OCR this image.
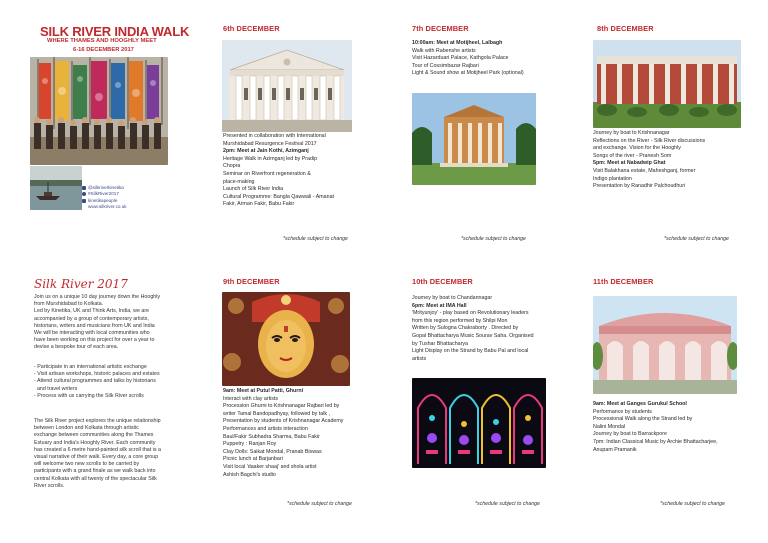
SILK RIVER INDIA WALK
WHERE THAMES AND HOOGHLY MEET
6-16 DECEMBER 2017
@silkriverkinetika
#SilkRiver2017
kinetikapeople
www.silkriver.co.uk
6th DECEMBER
Presented in collaboration with International
Murshidabad Resurgence Festival 2017
2pm: Meet at Jain Kothi, Azimganj
Heritage Walk in Azimganj led by Pradip
Chopra
Seminar on Riverfront regeneration &
place-making
Launch of Silk River India
Cultural Programme: Bangla Qawwali - Amanat
Fakir, Arman Fakir, Babu Fakir
*schedule subject to change
7th DECEMBER
10:00am: Meet at Motijheel, Lalbagh
Walk with Rabenshe artists
Visit Hazarduari Palace, Kathgola Palace
Tour of Cossimbazar Rajbari
Light & Sound show at Motijheel Park (optional)
*schedule subject to change
8th DECEMBER
Journey by boat to Krishnanagar
Reflections on the River - Silk River discussions
and exchange. Vision for the Hooghly
Songs of the river - Pranesh Som
5pm: Meet at Nabadwip Ghat
Visit Balakhana estate, Maheshganj, former
Indigo plantation
Presentation by Ranadhir Palchoudhuri
*schedule subject to change
Silk River 2017
Join us on a unique 10 day journey down the Hooghly
from Murshidabad to Kolkata.
Led by Kinetika, UK and Think Arts, India, we are
accompanied by a group of contemporary artists,
historians, writers and musicians from UK and India
We will be interacting with local communities who
have been working on this project for over a year to
devise a bespoke tour of each area.
- Participate in an international artistic exchange
- Visit artisan workshops, historic palaces and estates
- Attend cultural programmes and talks by historians
and travel writers
- Process with us carrying the Silk River scrolls
The Silk River project explores the unique relationship
between London and Kolkata through artistic
exchange between communities along the Thames
Estuary and India's Hooghly River. Each community
has created a 6 metre hand-painted silk scroll that is a
visual narrative of their walk. Every day, a core group
will welcome two new scrolls to be carried by
participants with a grand finale as we walk back into
central Kolkata with all twenty of the spectacular Silk
River scrolls.
9th DECEMBER
9am: Meet at Putul Patti, Ghurni
Interact with clay artists
Procession Ghurni to Krishnanagar Rajbari led by
writer Tamal Bandopadhyay, followed by talk ,
Presentation by students of Krishnanagar Academy
Performances and artists interaction
Baul/Fakir Subhadra Sharma, Babu Fakir
Puppetry : Ranjan Roy
Clay Dolls: Saikat Mondal, Pranab Biswas
Picnic lunch at Barjanbari
Visit local 'daaker shaaj' and shola artist
Ashish Bagchi's studio
*schedule subject to change
10th DECEMBER
Journey by boat to Chandannagar
6pm: Meet at IMA Hall
'Mrityunjoy' - play based on Revolutionary leaders
from this region performed by Shilpi Mon
Written by Sulogna Chakraborty . Directed by
Gopal Bhattacharya Music Sourav Saha. Organised
by Tushar Bhattacharya
Light Display on the Strand by Babu Pal and local
artists
*schedule subject to change
11th DECEMBER
9am: Meet at Ganges Gurukul School
Performance by students
Processional Walk along the Strand led by
Nalini Mondal
Journey by boat to Barrackpore
7pm: Indian Classical Music by Archie Bhattacharjee,
Anupam Pramanik
*schedule subject to change
